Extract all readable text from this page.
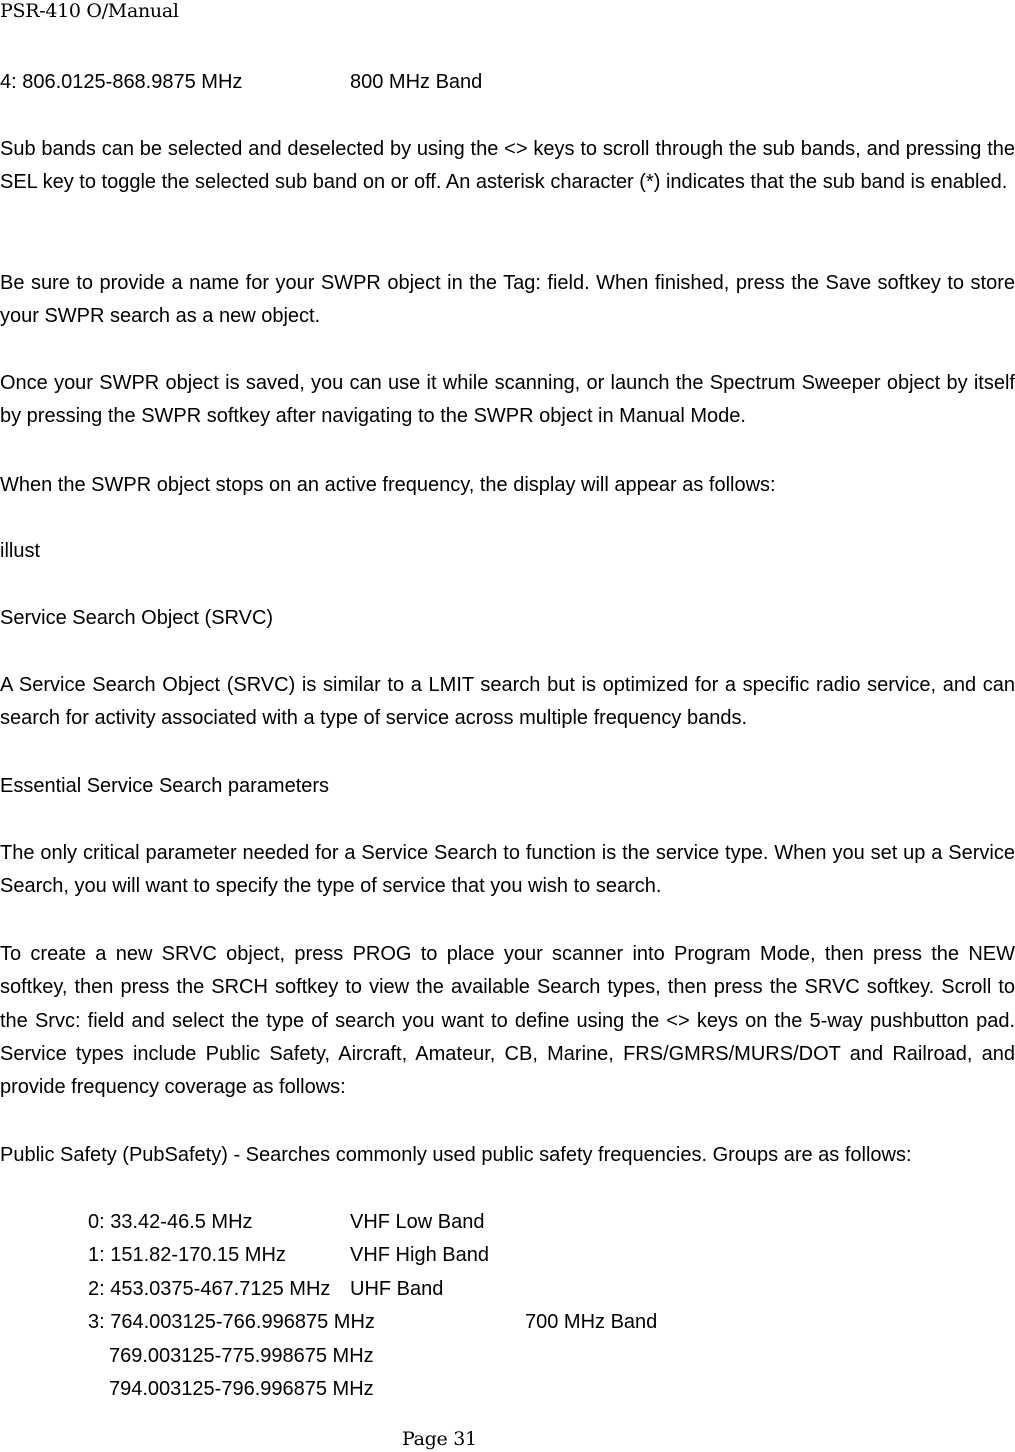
PSR-410 O/Manual
4: 806.0125-868.9875 MHz	800 MHz Band
Sub bands can be selected and deselected by using the <> keys to scroll through the sub bands, and pressing the SEL key to toggle the selected sub band on or off. An asterisk character (*) indicates that the sub band is enabled.
Be sure to provide a name for your SWPR object in the Tag: field. When finished, press the Save softkey to store your SWPR search as a new object.
Once your SWPR object is saved, you can use it while scanning, or launch the Spectrum Sweeper object by itself by pressing the SWPR softkey after navigating to the SWPR object in Manual Mode.
When the SWPR object stops on an active frequency, the display will appear as follows:
illust
Service Search Object (SRVC)
A Service Search Object (SRVC) is similar to a LMIT search but is optimized for a specific radio service, and can search for activity associated with a type of service across multiple frequency bands.
Essential Service Search parameters
The only critical parameter needed for a Service Search to function is the service type. When you set up a Service Search, you will want to specify the type of service that you wish to search.
To create a new SRVC object, press PROG to place your scanner into Program Mode, then press the NEW softkey, then press the SRCH softkey to view the available Search types, then press the SRVC softkey. Scroll to the Srvc: field and select the type of search you want to define using the <> keys on the 5-way pushbutton pad. Service types include Public Safety, Aircraft, Amateur, CB, Marine, FRS/GMRS/MURS/DOT and Railroad, and provide frequency coverage as follows:
Public Safety (PubSafety) - Searches commonly used public safety frequencies. Groups are as follows:
0: 33.42-46.5 MHz	VHF Low Band
1: 151.82-170.15 MHz	VHF High Band
2: 453.0375-467.7125 MHz UHF Band
3: 764.003125-766.996875 MHz	700 MHz Band
769.003125-775.998675 MHz
794.003125-796.996875 MHz
Page 31
